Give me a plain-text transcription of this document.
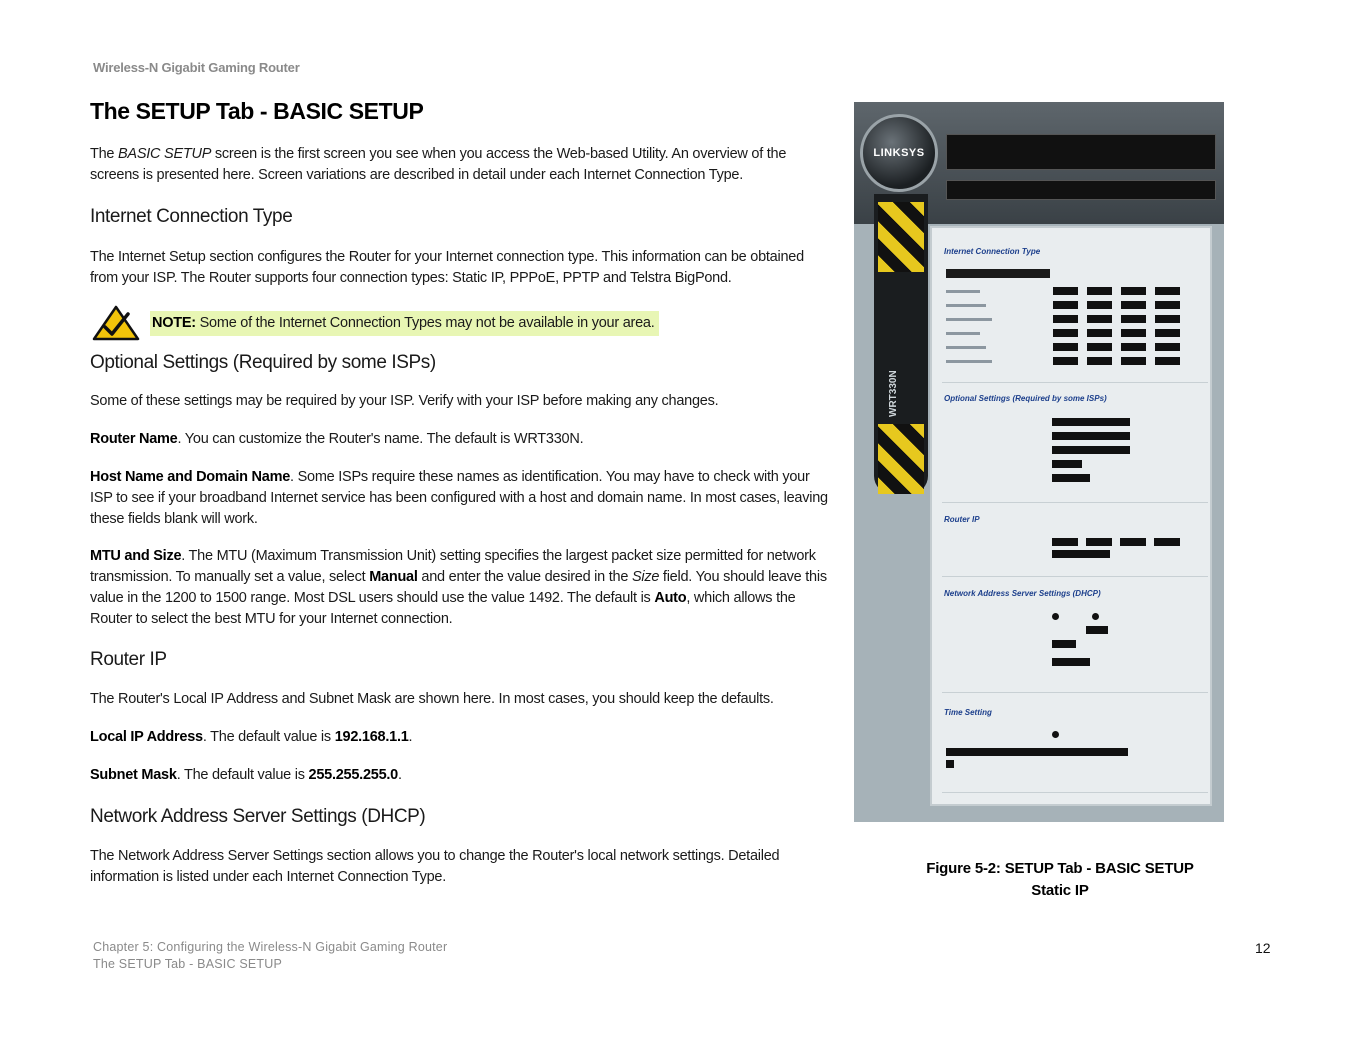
Wireless-N Gigabit Gaming Router
The SETUP Tab - BASIC SETUP

The BASIC SETUP screen is the first screen you see when you access the Web-based Utility. An overview of the screens is presented here. Screen variations are described in detail under each Internet Connection Type.

Internet Connection Type

The Internet Setup section configures the Router for your Internet connection type. This information can be obtained from your ISP. The Router supports four connection types: Static IP, PPPoE, PPTP and Telstra BigPond.

NOTE: Some of the Internet Connection Types may not be available in your area.
Optional Settings (Required by some ISPs)

Some of these settings may be required by your ISP. Verify with your ISP before making any changes.

Router Name. You can customize the Router's name. The default is WRT330N.

Host Name and Domain Name. Some ISPs require these names as identification. You may have to check with your ISP to see if your broadband Internet service has been configured with a host and domain name. In most cases, leaving these fields blank will work.

MTU and Size. The MTU (Maximum Transmission Unit) setting specifies the largest packet size permitted for network transmission. To manually set a value, select Manual and enter the value desired in the Size field. You should leave this value in the 1200 to 1500 range. Most DSL users should use the value 1492. The default is Auto, which allows the Router to select the best MTU for your Internet connection.

Router IP

The Router's Local IP Address and Subnet Mask are shown here. In most cases, you should keep the defaults.

Local IP Address. The default value is 192.168.1.1.

Subnet Mask. The default value is 255.255.255.0.

Network Address Server Settings (DHCP)

The Network Address Server Settings section allows you to change the Router's local network settings. Detailed information is listed under each Internet Connection Type.

LINKSYS
WRT330N
Internet Connection Type
Optional Settings (Required by some ISPs)
Router IP
Network Address Server Settings (DHCP)
Time Setting
Figure 5-2: SETUP Tab - BASIC SETUP
Static IP
Chapter 5: Configuring the Wireless-N Gigabit Gaming Router
The SETUP Tab - BASIC SETUP
12
